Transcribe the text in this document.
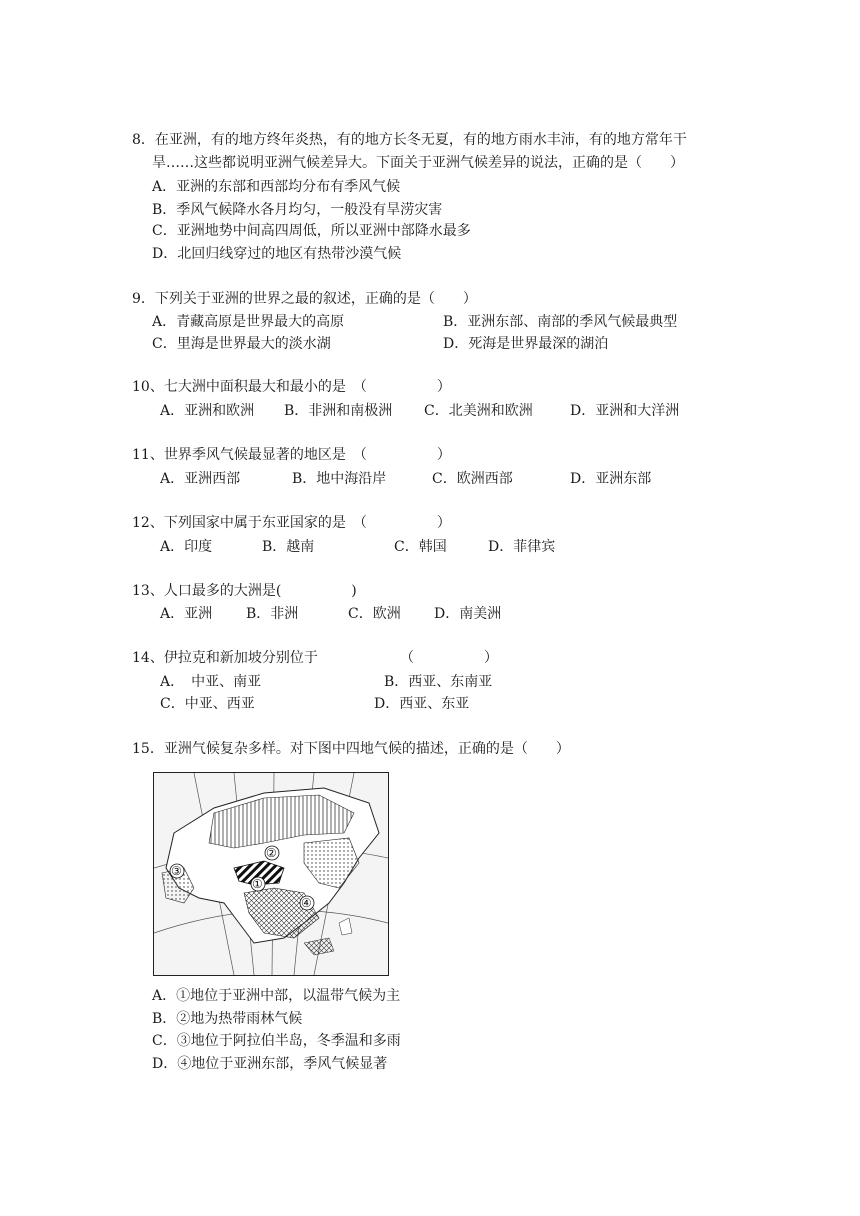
8．在亚洲，有的地方终年炎热，有的地方长冬无夏，有的地方雨水丰沛，有的地方常年干
旱……这些都说明亚洲气候差异大。下面关于亚洲气候差异的说法，正确的是（　　）
A．亚洲的东部和西部均分布有季风气候
B．季风气候降水各月均匀，一般没有旱涝灾害
C．亚洲地势中间高四周低，所以亚洲中部降水最多
D．北回归线穿过的地区有热带沙漠气候
9．下列关于亚洲的世界之最的叙述，正确的是（　　）
A．青藏高原是世界最大的高原	B．亚洲东部、南部的季风气候最典型
C．里海是世界最大的淡水湖	D．死海是世界最深的湖泊
10、七大洲中面积最大和最小的是　（　　　　　）
A．亚洲和欧洲 B．非洲和南极洲 C．北美洲和欧洲	D．亚洲和大洋洲
11、世界季风气候最显著的地区是　（　　　　　）
A．亚洲西部	B．地中海沿岸	C．欧洲西部	D．亚洲东部
12、下列国家中属于东亚国家的是　（　　　　　）
A．印度	B．越南	C．韩国	D．菲律宾
13、人口最多的大洲是(　　　　　)
A．亚洲 B．非洲	C．欧洲 D．南美洲
14、伊拉克和新加坡分别位于	（　　　　　）
A．　中亚、南亚	B．西亚、东南亚
C．中亚、西亚	D．西亚、东亚
15．亚洲气候复杂多样。对下图中四地气候的描述，正确的是（　　）
①
②
③
④
A．①地位于亚洲中部，以温带气候为主
B．②地为热带雨林气候
C．③地位于阿拉伯半岛，冬季温和多雨
D．④地位于亚洲东部，季风气候显著
